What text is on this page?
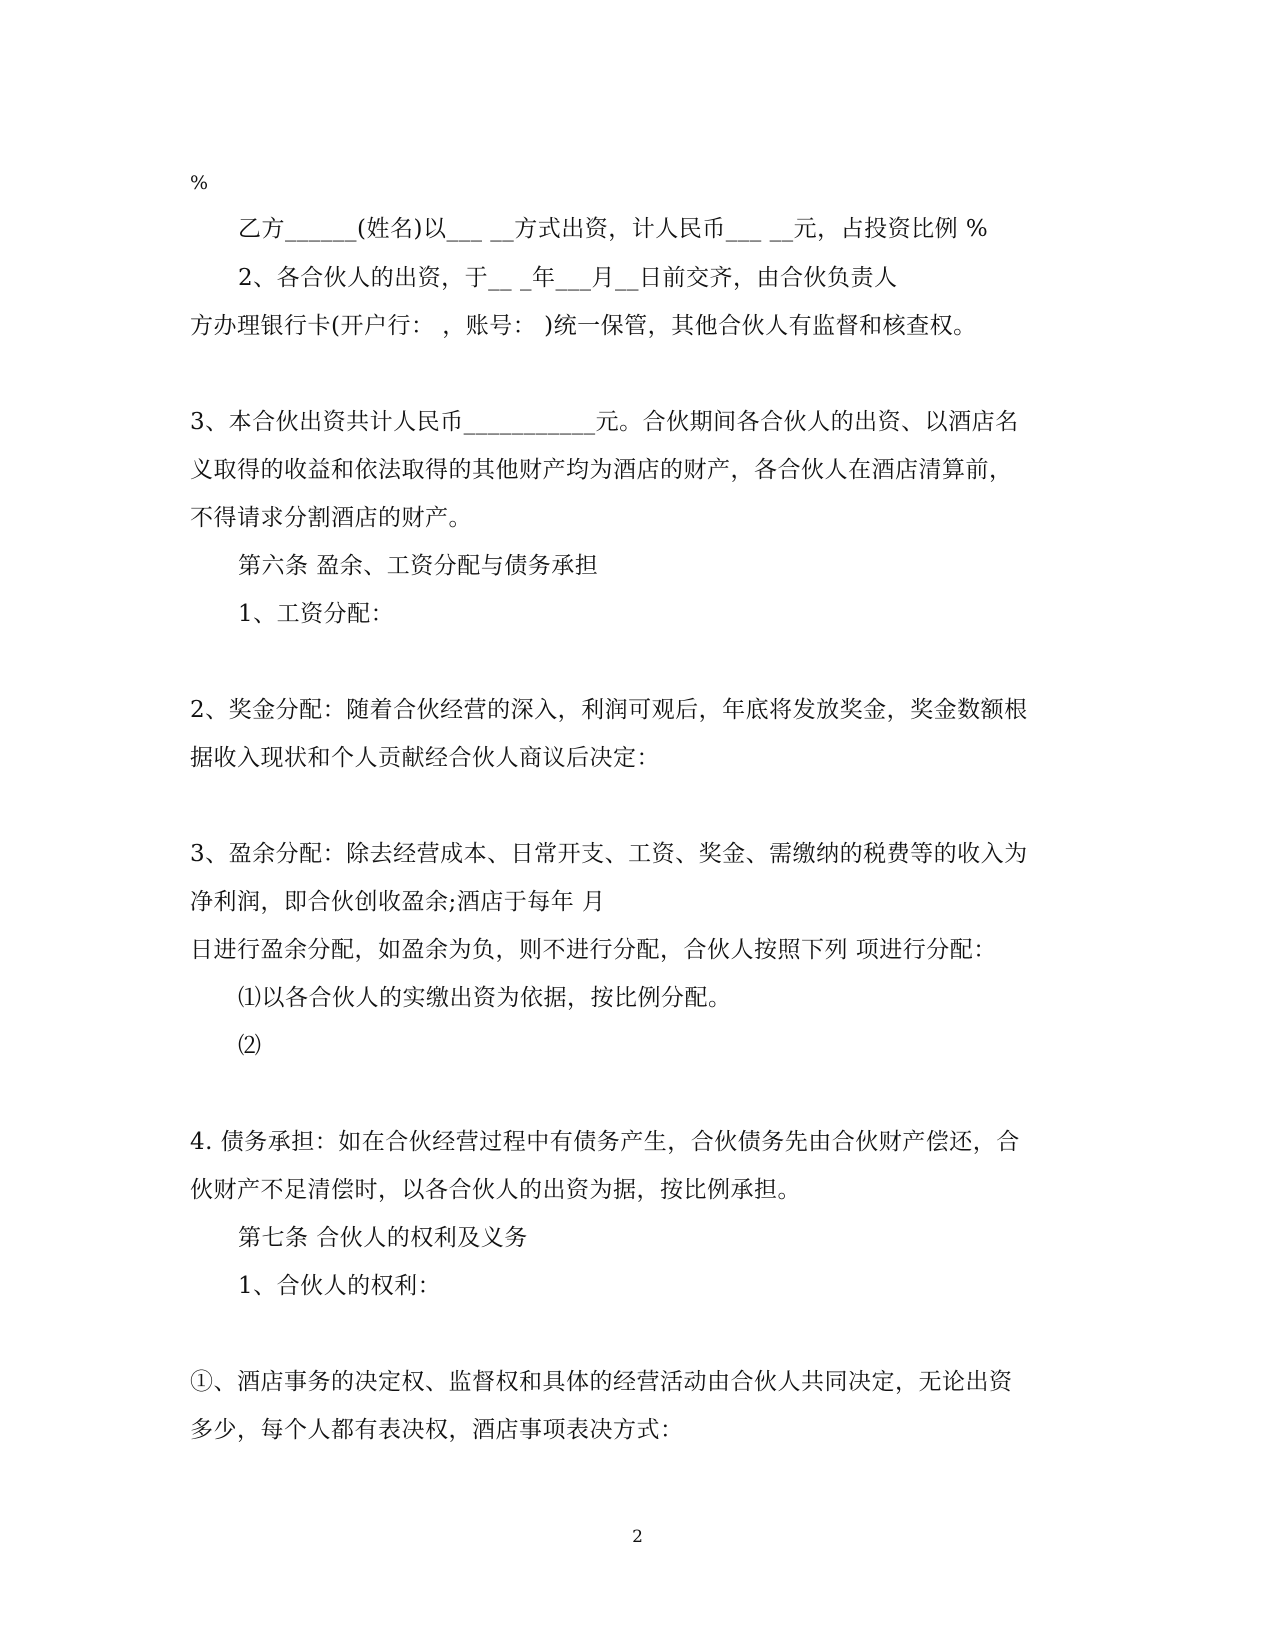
%
乙方______(姓名)以___ __方式出资，计人民币___ __元，占投资比例 %
2、各合伙人的出资，于__ _年___月__日前交齐，由合伙负责人
方办理银行卡(开户行： ，账号： )统一保管，其他合伙人有监督和核查权。
3、本合伙出资共计人民币___________元。合伙期间各合伙人的出资、以酒店名
义取得的收益和依法取得的其他财产均为酒店的财产，各合伙人在酒店清算前，
不得请求分割酒店的财产。
第六条 盈余、工资分配与债务承担
1、工资分配：
2、奖金分配：随着合伙经营的深入，利润可观后，年底将发放奖金，奖金数额根
据收入现状和个人贡献经合伙人商议后决定：
3、盈余分配：除去经营成本、日常开支、工资、奖金、需缴纳的税费等的收入为
净利润，即合伙创收盈余;酒店于每年 月
日进行盈余分配，如盈余为负，则不进行分配，合伙人按照下列 项进行分配：
⑴以各合伙人的实缴出资为依据，按比例分配。
⑵
4. 债务承担：如在合伙经营过程中有债务产生，合伙债务先由合伙财产偿还，合
伙财产不足清偿时，以各合伙人的出资为据，按比例承担。
第七条 合伙人的权利及义务
1、合伙人的权利：
①、酒店事务的决定权、监督权和具体的经营活动由合伙人共同决定，无论出资
多少，每个人都有表决权，酒店事项表决方式：
2
